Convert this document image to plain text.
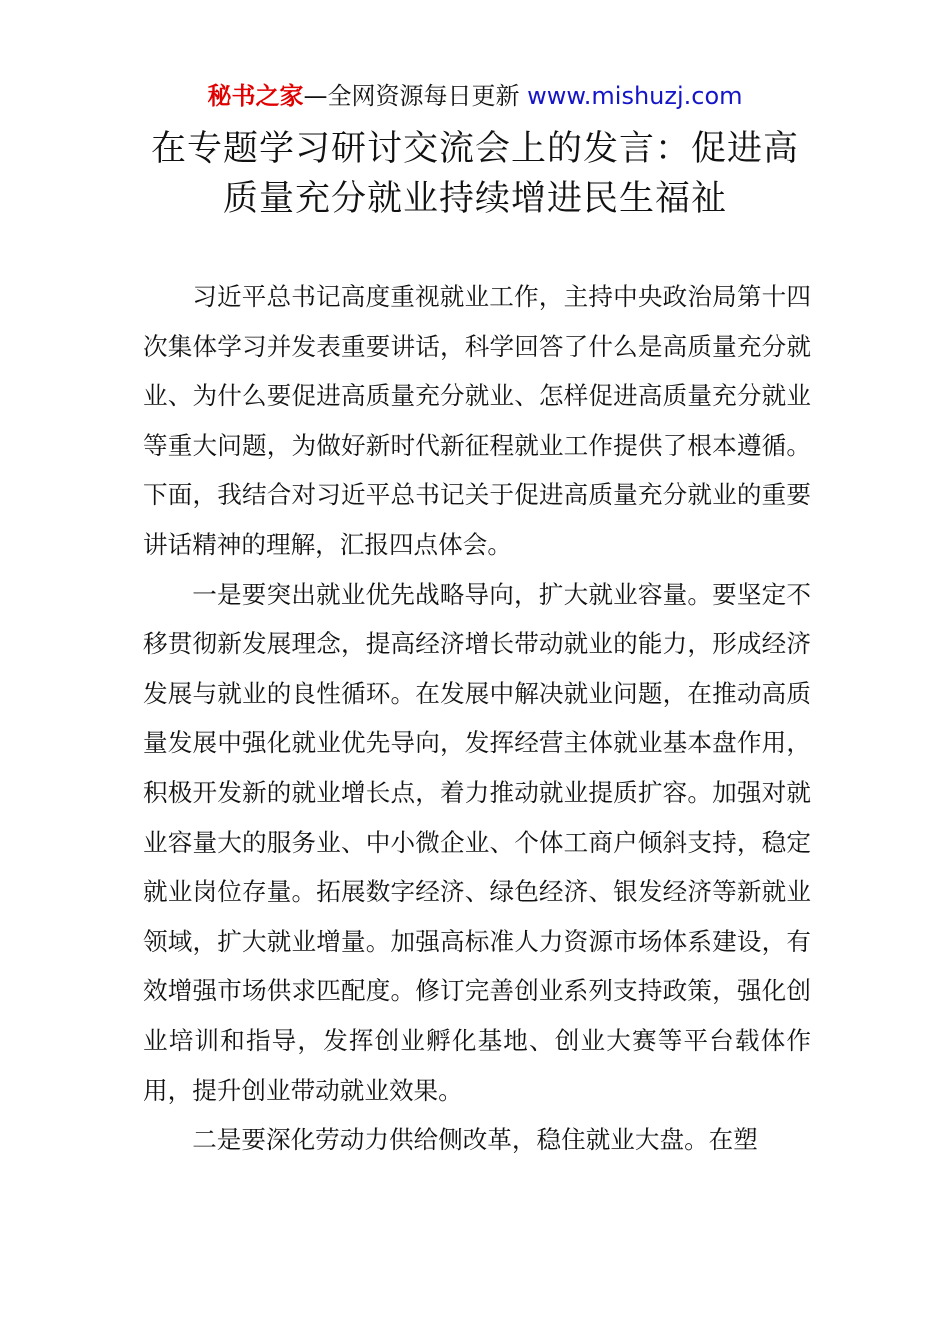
秘书之家—全网资源每日更新 www.mishuzj.com
在专题学习研讨交流会上的发言：促进高
质量充分就业持续增进民生福祉

习近平总书记高度重视就业工作，主持中央政治局第十四次集体学习并发表重要讲话，科学回答了什么是高质量充分就业、为什么要促进高质量充分就业、怎样促进高质量充分就业等重大问题，为做好新时代新征程就业工作提供了根本遵循。下面，我结合对习近平总书记关于促进高质量充分就业的重要讲话精神的理解，汇报四点体会。

一是要突出就业优先战略导向，扩大就业容量。要坚定不移贯彻新发展理念，提高经济增长带动就业的能力，形成经济发展与就业的良性循环。在发展中解决就业问题，在推动高质量发展中强化就业优先导向，发挥经营主体就业基本盘作用，积极开发新的就业增长点，着力推动就业提质扩容。加强对就业容量大的服务业、中小微企业、个体工商户倾斜支持，稳定就业岗位存量。拓展数字经济、绿色经济、银发经济等新就业领域，扩大就业增量。加强高标准人力资源市场体系建设，有效增强市场供求匹配度。修订完善创业系列支持政策，强化创业培训和指导，发挥创业孵化基地、创业大赛等平台载体作用，提升创业带动就业效果。

二是要深化劳动力供给侧改革，稳住就业大盘。在塑
